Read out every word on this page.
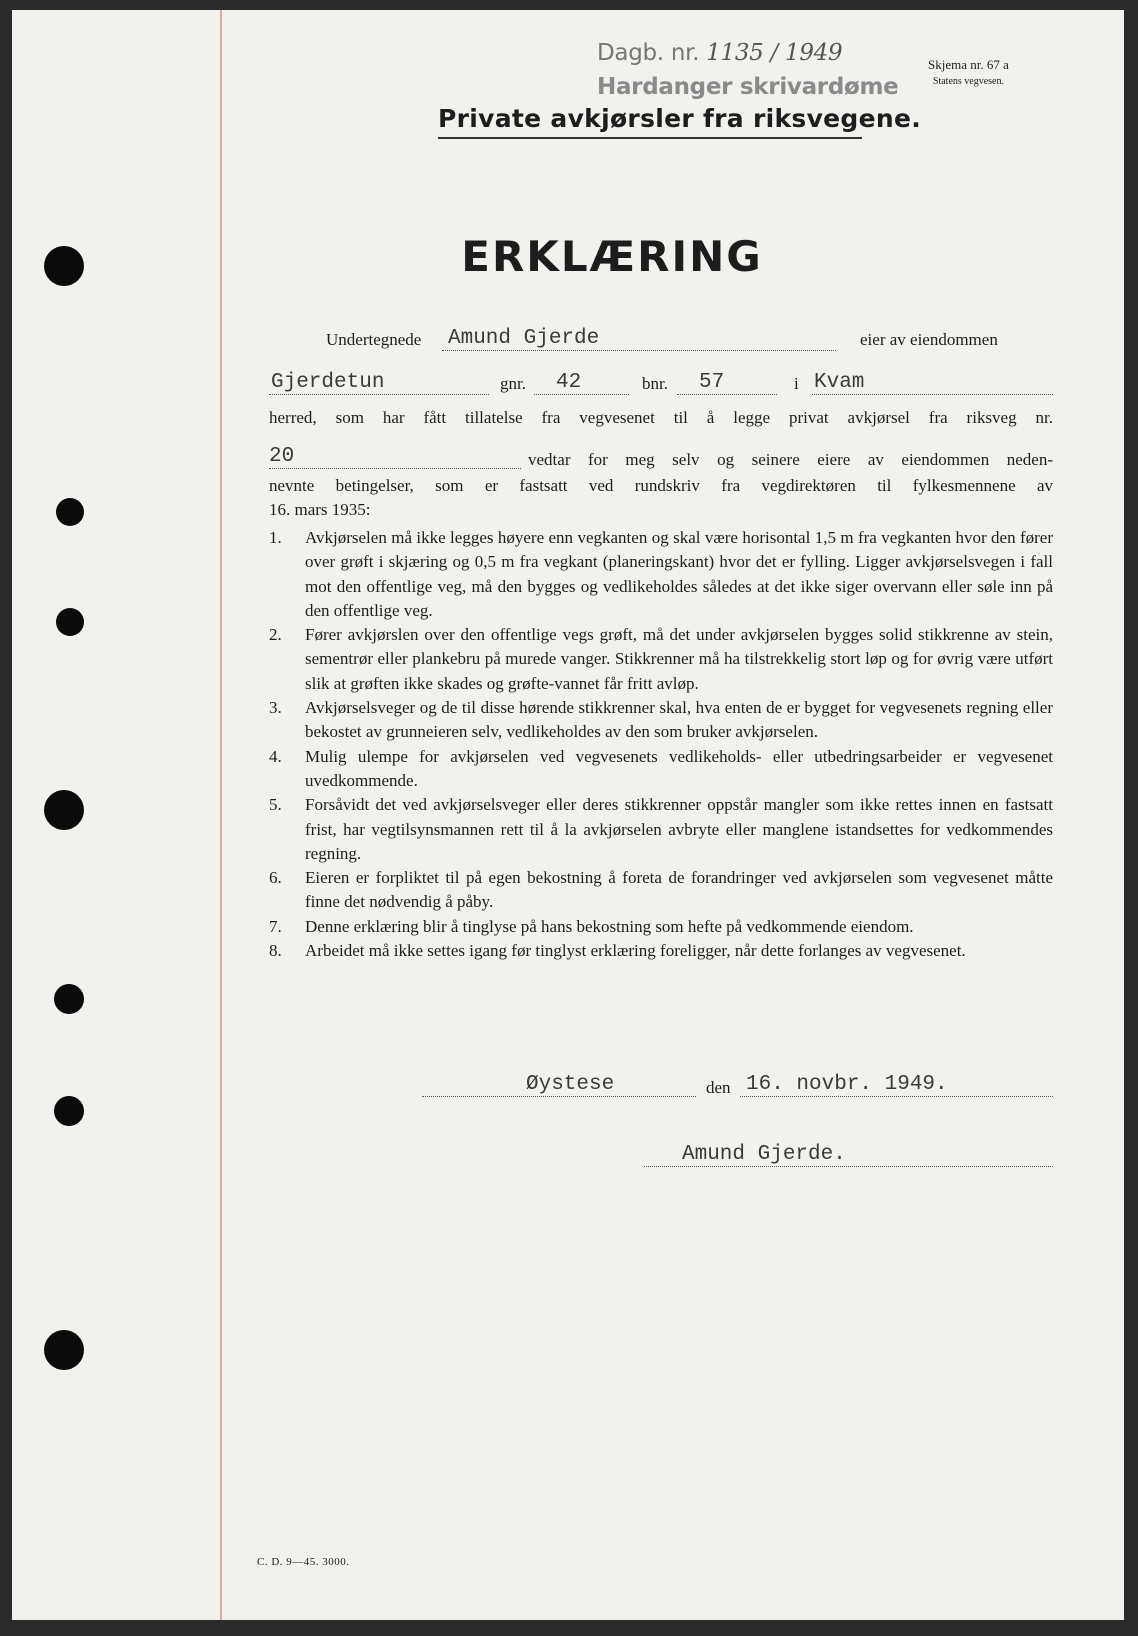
Dagb. nr. 1135 / 1949
Hardanger skrivardøme
Skjema nr. 67 a
Statens vegvesen.
Private avkjørsler fra riksvegene.
ERKLÆRING
Undertegnede Amund Gjerde	eier av eiendommen
Gjerdetun	gnr. 42	bnr. 57	i Kvam
herred, som har fått tillatelse fra vegvesenet til å legge privat avkjørsel fra riksveg nr.
20	vedtar for meg selv og seinere eiere av eiendommen neden-
nevnte betingelser, som er fastsatt ved rundskriv fra vegdirektøren til fylkesmennene av
16. mars 1935:
1. Avkjørselen må ikke legges høyere enn vegkanten og skal være horisontal 1,5 m fra vegkanten hvor den fører over grøft i skjæring og 0,5 m fra vegkant (planeringskant) hvor det er fylling. Ligger avkjørselsvegen i fall mot den offentlige veg, må den bygges og vedlikeholdes således at det ikke siger overvann eller søle inn på den offentlige veg.
2. Fører avkjørslen over den offentlige vegs grøft, må det under avkjørselen bygges solid stikkrenne av stein, sementrør eller plankebru på murede vanger. Stikkrenner må ha tilstrekkelig stort løp og for øvrig være utført slik at grøften ikke skades og grøfte-vannet får fritt avløp.
3. Avkjørselsveger og de til disse hørende stikkrenner skal, hva enten de er bygget for vegvesenets regning eller bekostet av grunneieren selv, vedlikeholdes av den som bruker avkjørselen.
4. Mulig ulempe for avkjørselen ved vegvesenets vedlikeholds- eller utbedringsarbeider er vegvesenet uvedkommende.
5. Forsåvidt det ved avkjørselsveger eller deres stikkrenner oppstår mangler som ikke rettes innen en fastsatt frist, har vegtilsynsmannen rett til å la avkjørselen avbryte eller manglene istandsettes for vedkommendes regning.
6. Eieren er forpliktet til på egen bekostning å foreta de forandringer ved avkjørselen som vegvesenet måtte finne det nødvendig å påby.
7. Denne erklæring blir å tinglyse på hans bekostning som hefte på vedkommende eiendom.
8. Arbeidet må ikke settes igang før tinglyst erklæring foreligger, når dette forlanges av vegvesenet.
Øystese	den 16. novbr. 1949.
Amund Gjerde.
C. D. 9—45. 3000.
